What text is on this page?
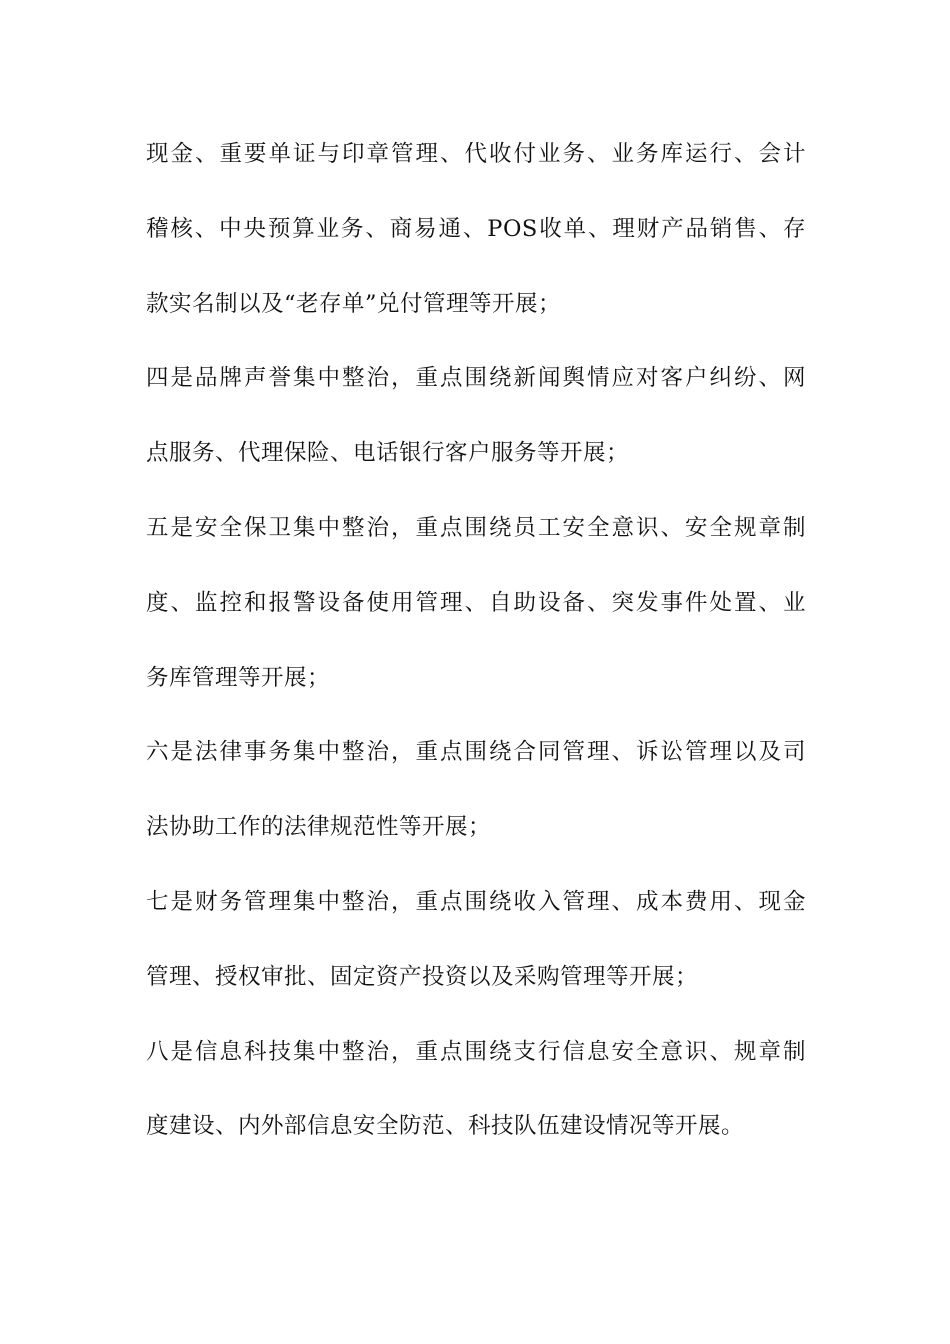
现金、重要单证与印章管理、代收付业务、业务库运行、会计
稽核、中央预算业务、商易通、POS收单、理财产品销售、存
款实名制以及“老存单”兑付管理等开展；
四是品牌声誉集中整治，重点围绕新闻舆情应对客户纠纷、网
点服务、代理保险、电话银行客户服务等开展；
五是安全保卫集中整治，重点围绕员工安全意识、安全规章制
度、监控和报警设备使用管理、自助设备、突发事件处置、业
务库管理等开展；
六是法律事务集中整治，重点围绕合同管理、诉讼管理以及司
法协助工作的法律规范性等开展；
七是财务管理集中整治，重点围绕收入管理、成本费用、现金
管理、授权审批、固定资产投资以及采购管理等开展；
八是信息科技集中整治，重点围绕支行信息安全意识、规章制
度建设、内外部信息安全防范、科技队伍建设情况等开展。
